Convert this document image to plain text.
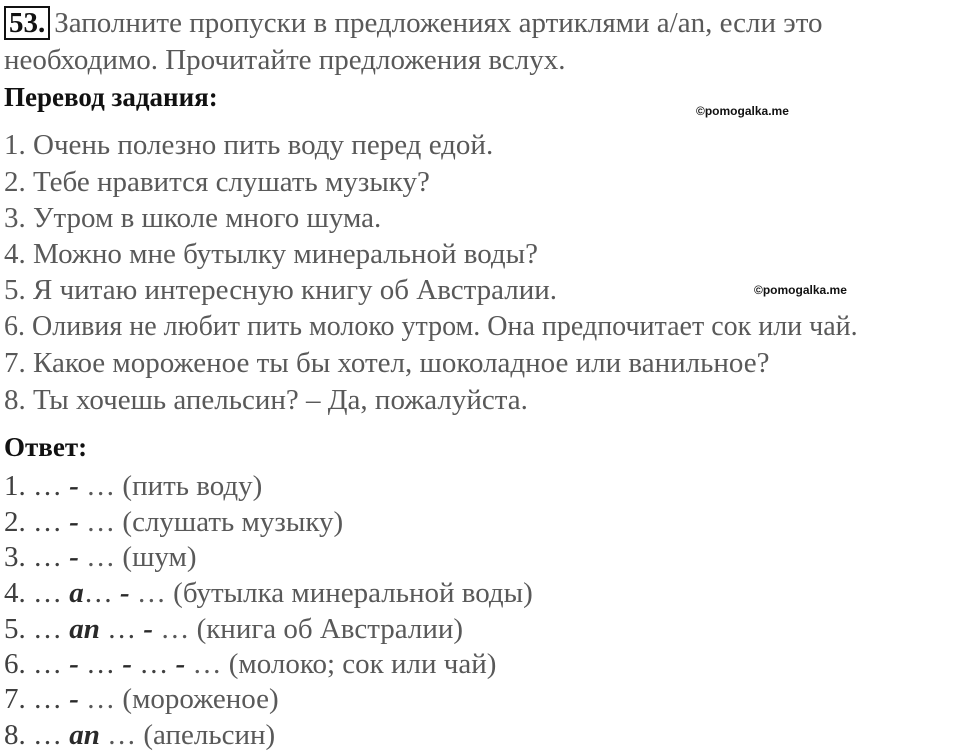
53. Заполните пропуски в предложениях артиклями a/an, если это
необходимо. Прочитайте предложения вслух.
Перевод задания:	©pomogalka.me
1. Очень полезно пить воду перед едой.
2. Тебе нравится слушать музыку?
3. Утром в школе много шума.
4. Можно мне бутылку минеральной воды?
5. Я читаю интересную книгу об Австралии.	©pomogalka.me
6. Оливия не любит пить молоко утром. Она предпочитает сок или чай.
7. Какое мороженое ты бы хотел, шоколадное или ванильное?
8. Ты хочешь апельсин? – Да, пожалуйста.
Ответ:
1. … - … (пить воду)
2. … - … (слушать музыку)
3. … - … (шум)
4. … a… - … (бутылка минеральной воды)
5. … an … - … (книга об Австралии)
6. … - … - … - … (молоко; сок или чай)
7. … - … (мороженое)
8. … an … (апельсин)
